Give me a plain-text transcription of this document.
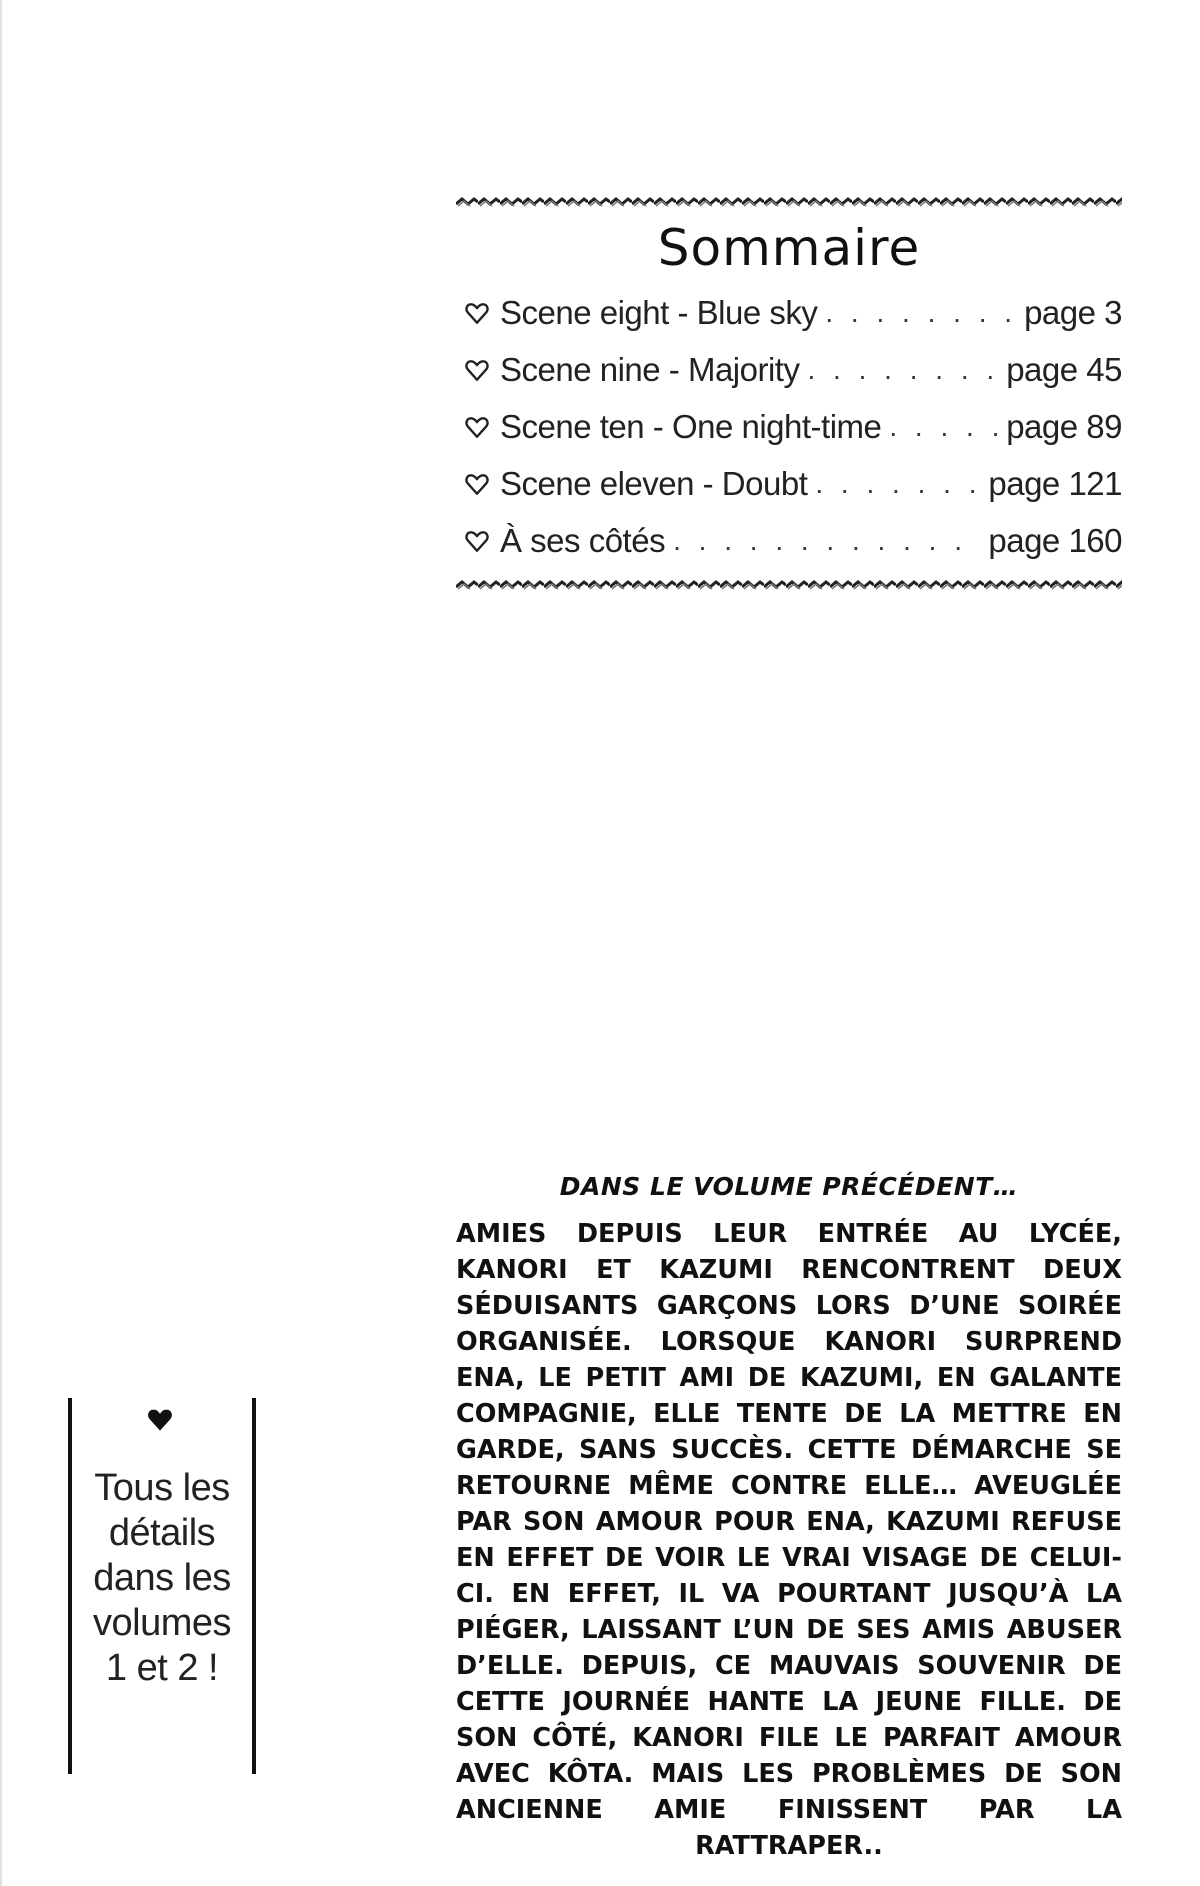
Sommaire
Scene eight - Blue sky . . .	page 3
Scene nine - Majority . . .	page 45
Scene ten - One night-time . . .	page 89
Scene eleven - Doubt . . .	page 121
À ses côtés . . .	page 160
Tous les détails dans les volumes 1 et 2 !
DANS LE VOLUME PRÉCÉDENT…

AMIES DEPUIS LEUR ENTRÉE AU LYCÉE, KANORI ET KAZUMI RENCONTRENT DEUX SÉDUISANTS GARÇONS LORS D’UNE SOIRÉE ORGANISÉE. LORSQUE KANORI SURPREND ENA, LE PETIT AMI DE KAZUMI, EN GALANTE COMPAGNIE, ELLE TENTE DE LA METTRE EN GARDE, SANS SUCCÈS. CETTE DÉMARCHE SE RETOURNE MÊME CONTRE ELLE… AVEUGLÉE PAR SON AMOUR POUR ENA, KAZUMI REFUSE EN EFFET DE VOIR LE VRAI VISAGE DE CELUI-CI. EN EFFET, IL VA POURTANT JUSQU’À LA PIÉGER, LAISSANT L’UN DE SES AMIS ABUSER D’ELLE. DEPUIS, CE MAUVAIS SOUVENIR DE CETTE JOURNÉE HANTE LA JEUNE FILLE. DE SON CÔTÉ, KANORI FILE LE PARFAIT AMOUR AVEC KÔTA. MAIS LES PROBLÈMES DE SON ANCIENNE AMIE FINISSENT PAR LA RATTRAPER..
